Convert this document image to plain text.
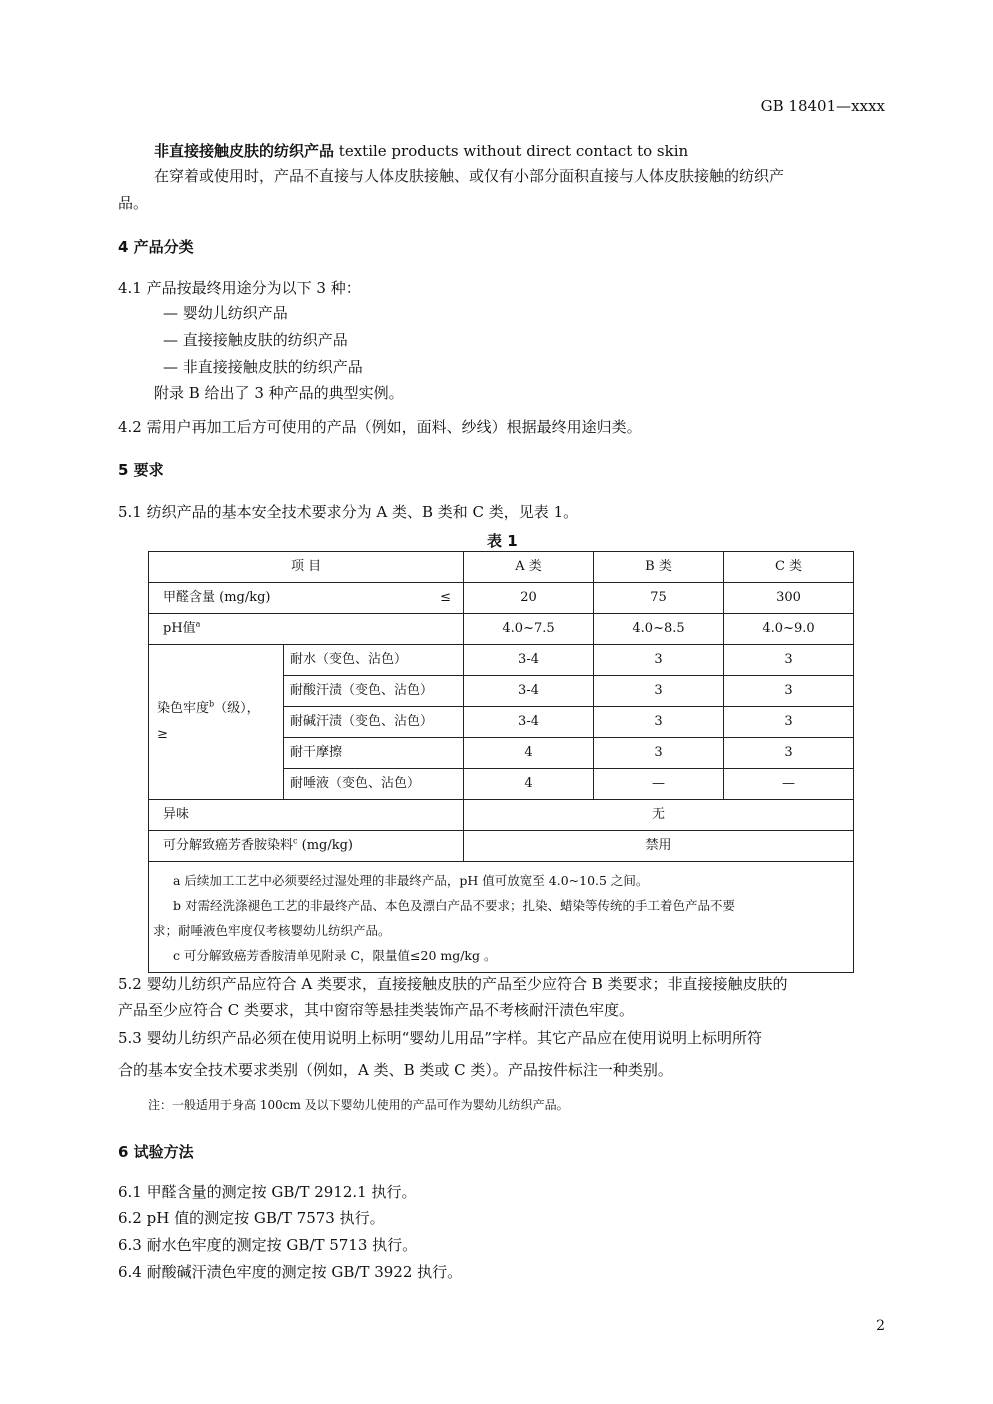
GB 18401—xxxx
非直接接触皮肤的纺织产品 textile products without direct contact to skin
在穿着或使用时，产品不直接与人体皮肤接触、或仅有小部分面积直接与人体皮肤接触的纺织产
品。
4 产品分类
4.1 产品按最终用途分为以下 3 种：
— 婴幼儿纺织产品
— 直接接触皮肤的纺织产品
— 非直接接触皮肤的纺织产品
附录 B 给出了 3 种产品的典型实例。
4.2 需用户再加工后方可使用的产品（例如，面料、纱线）根据最终用途归类。
5 要求
5.1 纺织产品的基本安全技术要求分为 A 类、B 类和 C 类，见表 1。
表 1
项 目		A 类	B 类	C 类
甲醛含量 (mg/kg) ≤		20	75	300
pH值$^a$		4.0~7.5	4.0~8.5	4.0~9.0
染色牢度$^b$（级），
≥	耐水（变色、沾色）	3-4	3	3
	耐酸汗渍（变色、沾色）	3-4	3	3
	耐碱汗渍（变色、沾色）	3-4	3	3
	耐干摩擦	4	3	3
	耐唾液（变色、沾色）	4	—	—
异味		无		
可分解致癌芳香胺染料$^c$ (mg/kg)		禁用		

a 后续加工工艺中必须要经过湿处理的非最终产品，pH 值可放宽至 4.0~10.5 之间。
b 对需经洗涤褪色工艺的非最终产品、本色及漂白产品不要求；扎染、蜡染等传统的手工着色产品不要
求；耐唾液色牢度仅考核婴幼儿纺织产品。
c 可分解致癌芳香胺清单见附录 C，限量值≤20 mg/kg 。				
5.2 婴幼儿纺织产品应符合 A 类要求，直接接触皮肤的产品至少应符合 B 类要求；非直接接触皮肤的
产品至少应符合 C 类要求，其中窗帘等悬挂类装饰产品不考核耐汗渍色牢度。
5.3 婴幼儿纺织产品必须在使用说明上标明“婴幼儿用品”字样。其它产品应在使用说明上标明所符
合的基本安全技术要求类别（例如，A 类、B 类或 C 类）。产品按件标注一种类别。
注：一般适用于身高 100cm 及以下婴幼儿使用的产品可作为婴幼儿纺织产品。
6 试验方法
6.1 甲醛含量的测定按 GB/T 2912.1 执行。
6.2 pH 值的测定按 GB/T 7573 执行。
6.3 耐水色牢度的测定按 GB/T 5713 执行。
6.4 耐酸碱汗渍色牢度的测定按 GB/T 3922 执行。
2
